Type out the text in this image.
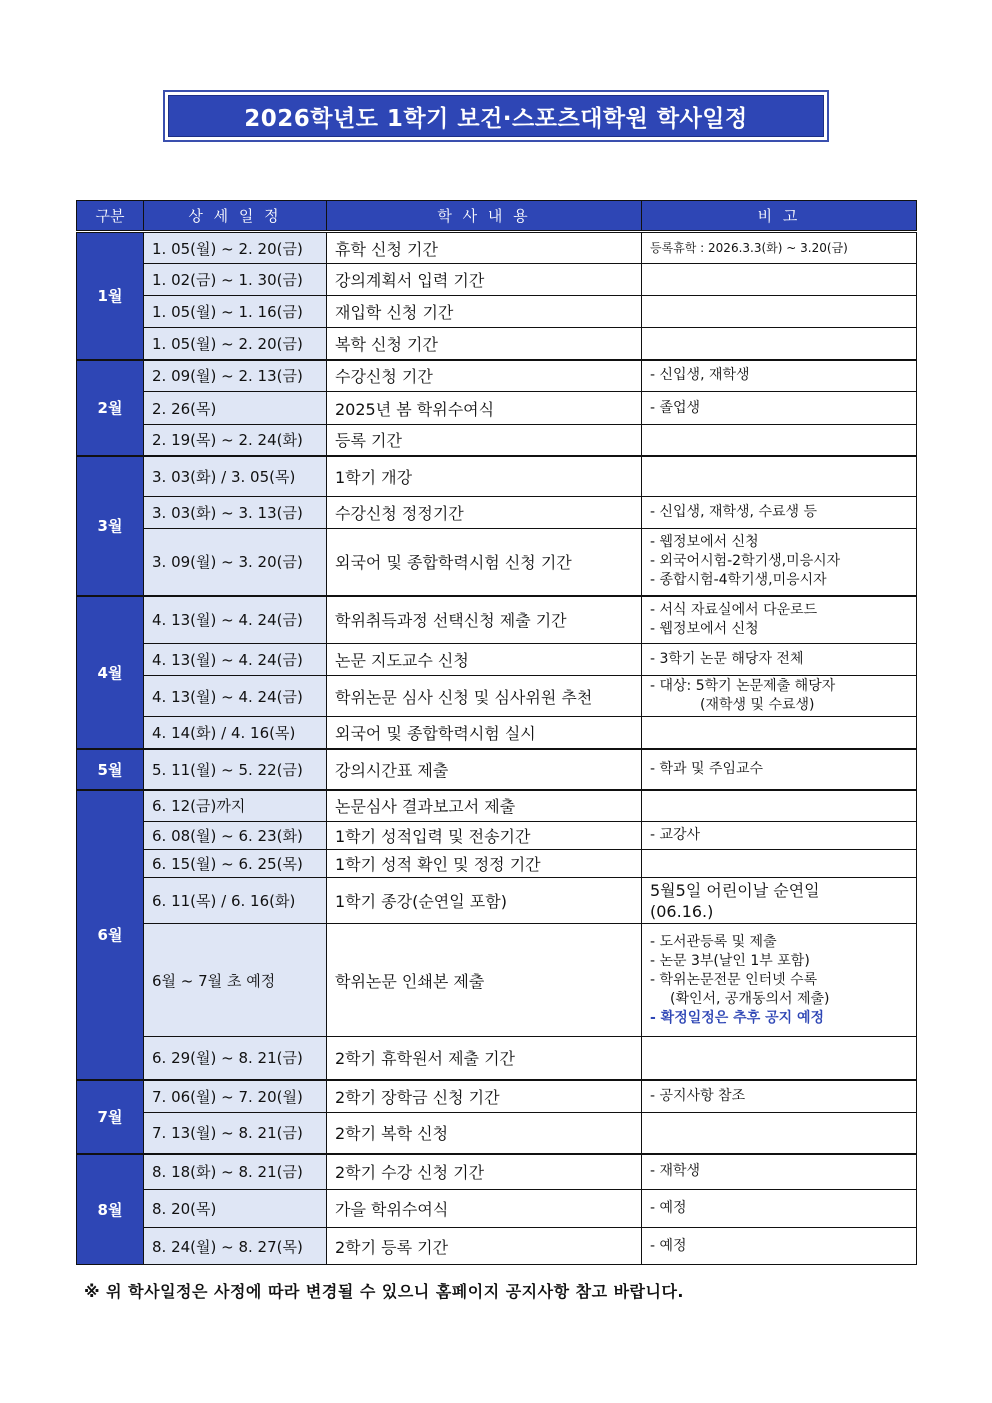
2026학년도 1학기 보건·스포츠대학원 학사일정
구분	상 세 일 정	학 사 내 용	비 고
1월	1. 05(월) ~ 2. 20(금)	휴학 신청 기간	등록휴학 : 2026.3.3(화) ~ 3.20(금)

	1. 02(금) ~ 1. 30(금)	강의계획서 입력 기간	
	1. 05(월) ~ 1. 16(금)	재입학 신청 기간	
	1. 05(월) ~ 2. 20(금)	복학 신청 기간	
2월	2. 09(월) ~ 2. 13(금)	수강신청 기간	- 신입생, 재학생

	2. 26(목)	2025년 봄 학위수여식	- 졸업생

	2. 19(목) ~ 2. 24(화)	등록 기간	
3월	3. 03(화) / 3. 05(목)	1학기 개강	
	3. 03(화) ~ 3. 13(금)	수강신청 정정기간	- 신입생, 재학생, 수료생 등

	3. 09(월) ~ 3. 20(금)	외국어 및 종합학력시험 신청 기간	- 웹정보에서 신청
- 외국어시험-2학기생,미응시자
- 종합시험-4학기생,미응시자

4월	4. 13(월) ~ 4. 24(금)	학위취득과정 선택신청 제출 기간	- 서식 자료실에서 다운로드
- 웹정보에서 신청

	4. 13(월) ~ 4. 24(금)	논문 지도교수 신청	- 3학기 논문 해당자 전체

	4. 13(월) ~ 4. 24(금)	학위논문 심사 신청 및 심사위원 추천	- 대상: 5학기 논문제출 해당자
(재학생 및 수료생)

	4. 14(화) / 4. 16(목)	외국어 및 종합학력시험 실시	
5월	5. 11(월) ~ 5. 22(금)	강의시간표 제출	- 학과 및 주임교수

6월	6. 12(금)까지	논문심사 결과보고서 제출	
	6. 08(월) ~ 6. 23(화)	1학기 성적입력 및 전송기간	- 교강사

	6. 15(월) ~ 6. 25(목)	1학기 성적 확인 및 정정 기간	
	6. 11(목) / 6. 16(화)	1학기 종강(순연일 포함)	5월5일 어린이날 순연일
(06.16.)

	6월 ~ 7월 초 예정	학위논문 인쇄본 제출	- 도서관등록 및 제출
- 논문 3부(날인 1부 포함)
- 학위논문전문 인터넷 수록
(확인서, 공개동의서 제출)
- 확정일정은 추후 공지 예정

	6. 29(월) ~ 8. 21(금)	2학기 휴학원서 제출 기간	
7월	7. 06(월) ~ 7. 20(월)	2학기 장학금 신청 기간	- 공지사항 참조

	7. 13(월) ~ 8. 21(금)	2학기 복학 신청	
8월	8. 18(화) ~ 8. 21(금)	2학기 수강 신청 기간	- 재학생

	8. 20(목)	가을 학위수여식	- 예정

	8. 24(월) ~ 8. 27(목)	2학기 등록 기간	- 예정
※ 위 학사일정은 사정에 따라 변경될 수 있으니 홈페이지 공지사항 참고 바랍니다.
